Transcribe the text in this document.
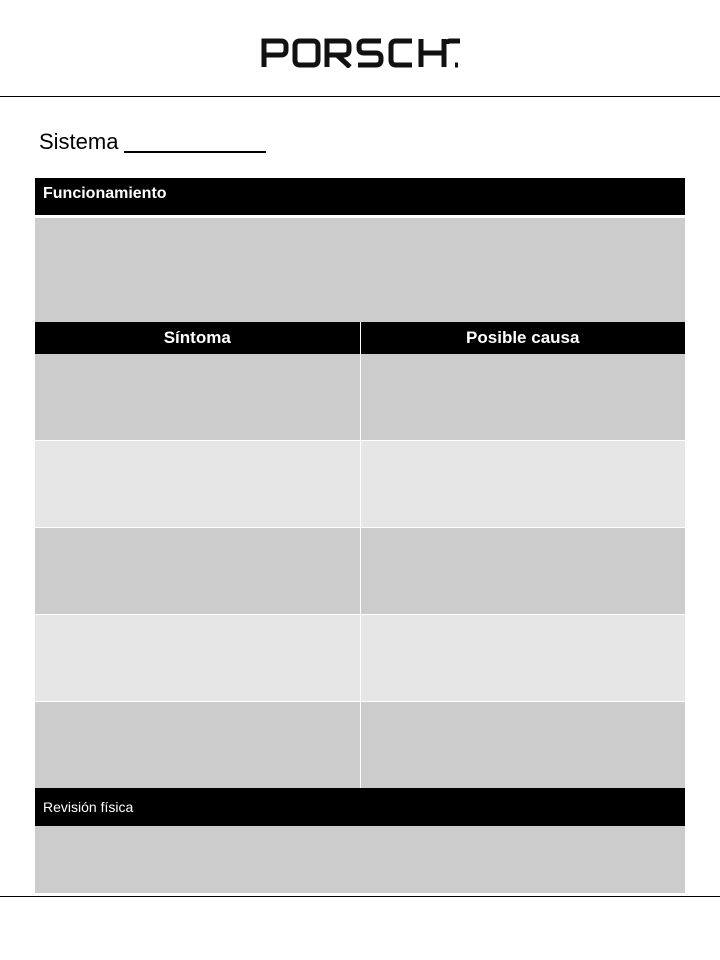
Sistema
Funcionamiento
Síntoma	Posible causa
Revisión física
